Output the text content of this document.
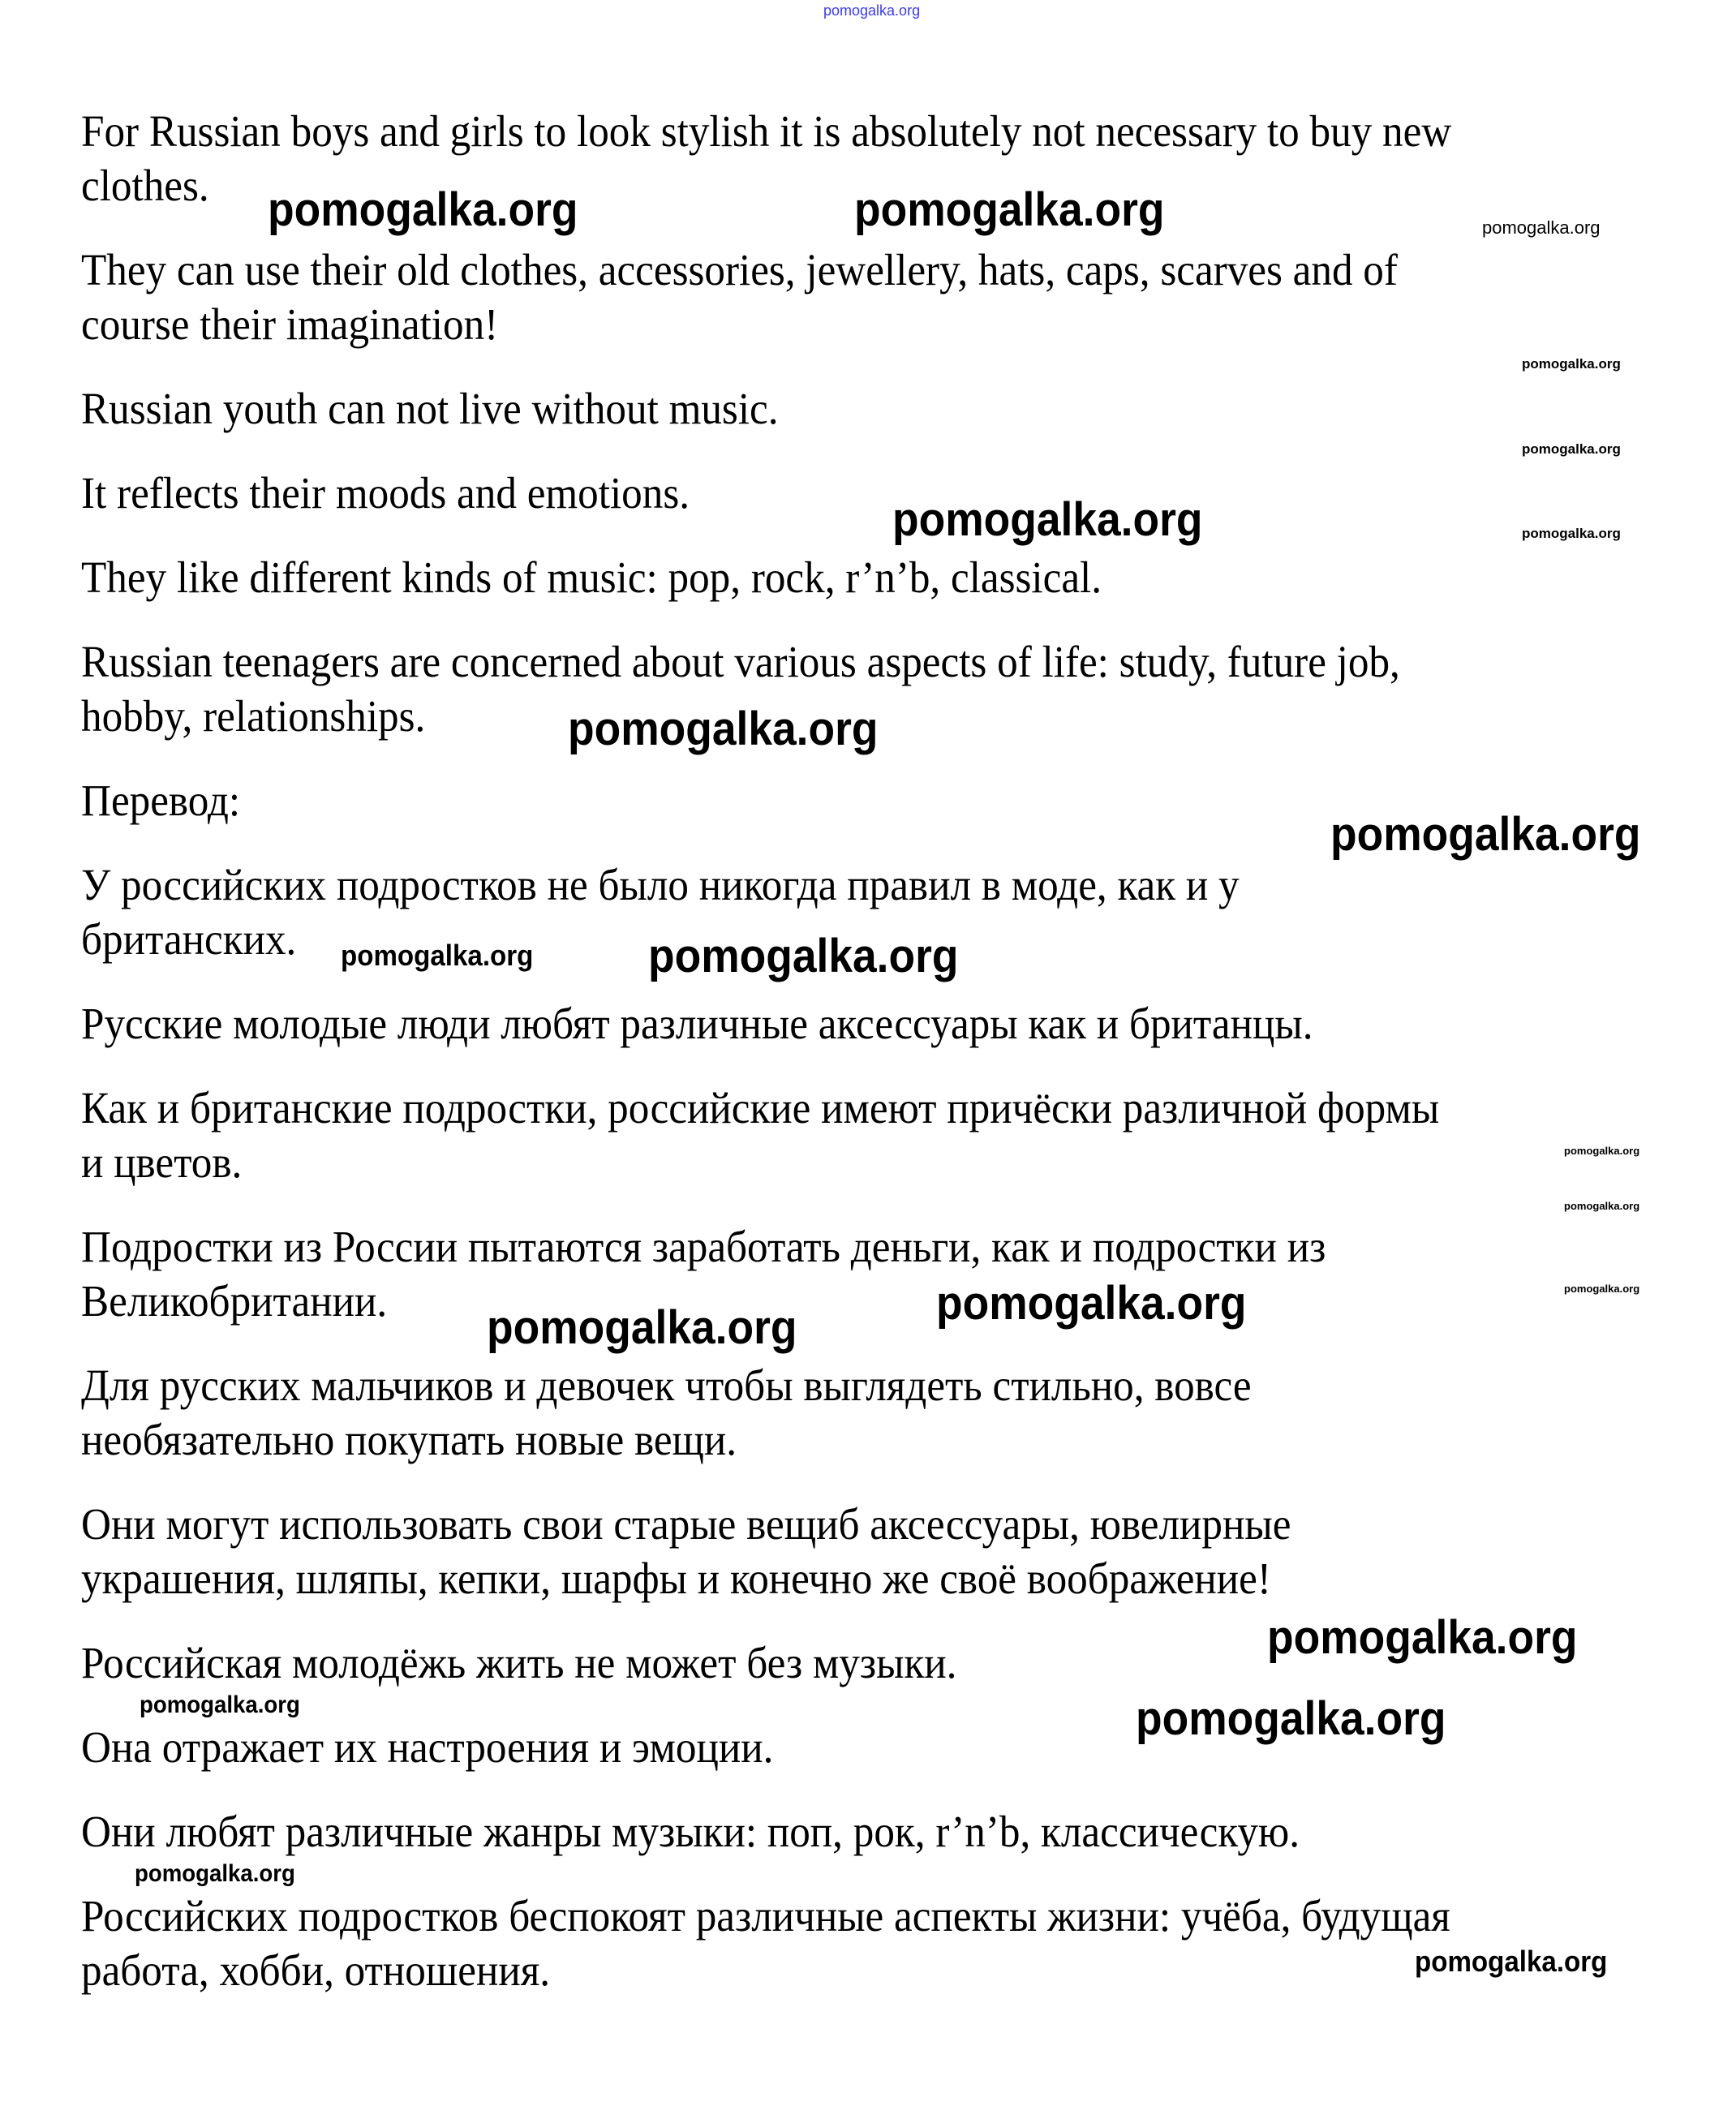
For Russian boys and girls to look stylish it is absolutely not necessary to buy new
clothes.

They can use their old clothes, accessories, jewellery, hats, caps, scarves and of
course their imagination!

Russian youth can not live without music.

It reflects their moods and emotions.

They like different kinds of music: pop, rock, r’n’b, classical.

Russian teenagers are concerned about various aspects of life: study, future job,
hobby, relationships.

Перевод:

У российских подростков не было никогда правил в моде, как и у
британских.

Русские молодые люди любят различные аксессуары как и британцы.

Как и британские подростки, российские имеют причёски различной формы
и цветов.

Подростки из России пытаются заработать деньги, как и подростки из
Великобритании.

Для русских мальчиков и девочек чтобы выглядеть стильно, вовсе
необязательно покупать новые вещи.

Они могут использовать свои старые вещиб аксессуары, ювелирные
украшения, шляпы, кепки, шарфы и конечно же своё воображение!

Российская молодёжь жить не может без музыки.

Она отражает их настроения и эмоции.

Они любят различные жанры музыки: поп, рок, r’n’b, классическую.

Российских подростков беспокоят различные аспекты жизни: учёба, будущая
работа, хобби, отношения.

pomogalka.org
pomogalka.org	pomogalka.org
pomogalka.org
pomogalka.org
pomogalka.org
pomogalka.org
pomogalka.org
pomogalka.org
pomogalka.org
pomogalka.org
pomogalka.org
pomogalka.org
pomogalka.org
pomogalka.org
pomogalka.org
pomogalka.org
pomogalka.org
pomogalka.org
pomogalka.org
pomogalka.org
pomogalka.org
